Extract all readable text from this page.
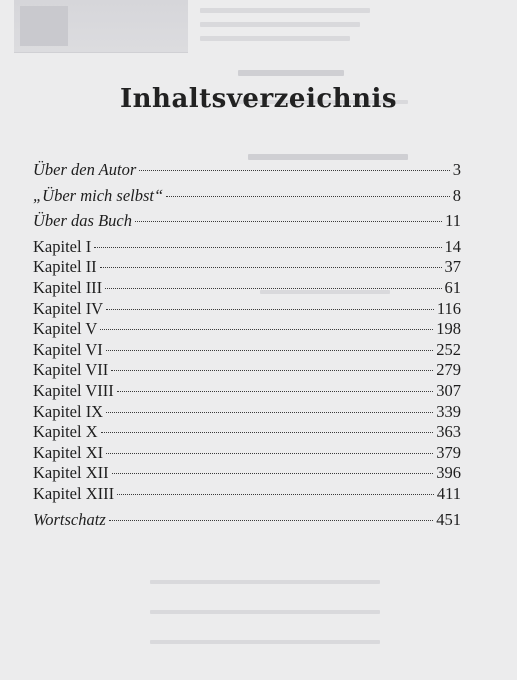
Inhaltsverzeichnis
Über den Autor	3
„Über mich selbst“	8
Über das Buch	11
Kapitel I	14
Kapitel II	37
Kapitel III	61
Kapitel IV	116
Kapitel V	198
Kapitel VI	252
Kapitel VII	279
Kapitel VIII	307
Kapitel IX	339
Kapitel X	363
Kapitel XI	379
Kapitel XII	396
Kapitel XIII	411
Wortschatz	451
